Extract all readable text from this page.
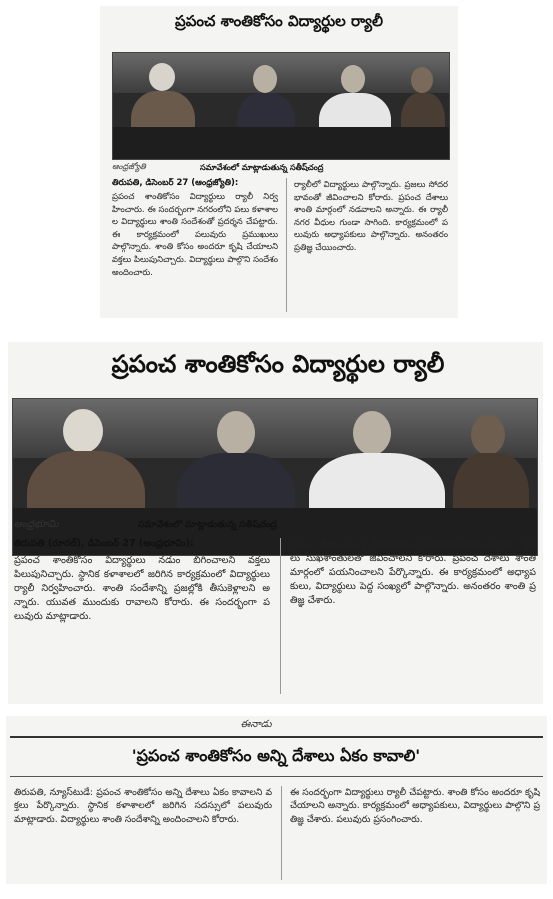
ప్రపంచ శాంతికోసం విద్యార్థుల ర్యాలీ
ఆంధ్రజ్యోతి	సమావేశంలో మాట్లాడుతున్న సతీష్‌చంద్ర
తిరుపతి, డిసెంబర్ 27 (ఆంధ్రజ్యోతి):
ప్రపంచ శాంతికోసం విద్యార్థులు ర్యాలీ నిర్వహించారు. ఈ సందర్భంగా నగరంలోని పలు కళాశాలల విద్యార్థులు శాంతి సందేశంతో ప్రదర్శన చేపట్టారు. ఈ కార్యక్రమంలో పలువురు ప్రముఖులు పాల్గొన్నారు. శాంతి కోసం అందరూ కృషి చేయాలని వక్తలు పిలుపునిచ్చారు. విద్యార్థులు పాల్గొని సందేశం అందించారు.
ర్యాలీలో విద్యార్థులు పాల్గొన్నారు. ప్రజలు సోదరభావంతో జీవించాలని కోరారు. ప్రపంచ దేశాలు శాంతి మార్గంలో నడవాలని అన్నారు. ఈ ర్యాలీ నగర వీధుల గుండా సాగింది. కార్యక్రమంలో పలువురు అధ్యాపకులు పాల్గొన్నారు. అనంతరం ప్రతిజ్ఞ చేయించారు.
ప్రపంచ శాంతికోసం విద్యార్థుల ర్యాలీ
ఆంధ్రభూమి	సమావేశంలో మాట్లాడుతున్న సతీష్‌చంద్ర
తిరుపతి (రూరల్), డిసెంబర్ 27 (ఆంధ్రభూమి):
ప్రపంచ శాంతికోసం విద్యార్థులు నడుం బిగించాలని వక్తలు పిలుపునిచ్చారు. స్థానిక కళాశాలలో జరిగిన కార్యక్రమంలో విద్యార్థులు ర్యాలీ నిర్వహించారు. శాంతి సందేశాన్ని ప్రజల్లోకి తీసుకెళ్లాలని అన్నారు. యువత ముందుకు రావాలని కోరారు. ఈ సందర్భంగా పలువురు మాట్లాడారు.
ప్రపంచ దేశాల మధ్య సోదరభావం పెంపొందించాలని అన్నారు. ప్రజలు సుఖశాంతులతో జీవించాలని కోరారు. ప్రపంచ దేశాలు శాంతి మార్గంలో పయనించాలని పేర్కొన్నారు. ఈ కార్యక్రమంలో అధ్యాపకులు, విద్యార్థులు పెద్ద సంఖ్యలో పాల్గొన్నారు. అనంతరం శాంతి ప్రతిజ్ఞ చేశారు.
ఈనాడు
'ప్రపంచ శాంతికోసం అన్ని దేశాలు ఏకం కావాలి'
తిరుపతి, న్యూస్‌టుడే: ప్రపంచ శాంతికోసం అన్ని దేశాలు ఏకం కావాలని వక్తలు పేర్కొన్నారు. స్థానిక కళాశాలలో జరిగిన సదస్సులో పలువురు మాట్లాడారు. విద్యార్థులు శాంతి సందేశాన్ని అందించాలని కోరారు.
ఈ సందర్భంగా విద్యార్థులు ర్యాలీ చేపట్టారు. శాంతి కోసం అందరూ కృషి చేయాలని అన్నారు. కార్యక్రమంలో అధ్యాపకులు, విద్యార్థులు పాల్గొని ప్రతిజ్ఞ చేశారు. పలువురు ప్రసంగించారు.
